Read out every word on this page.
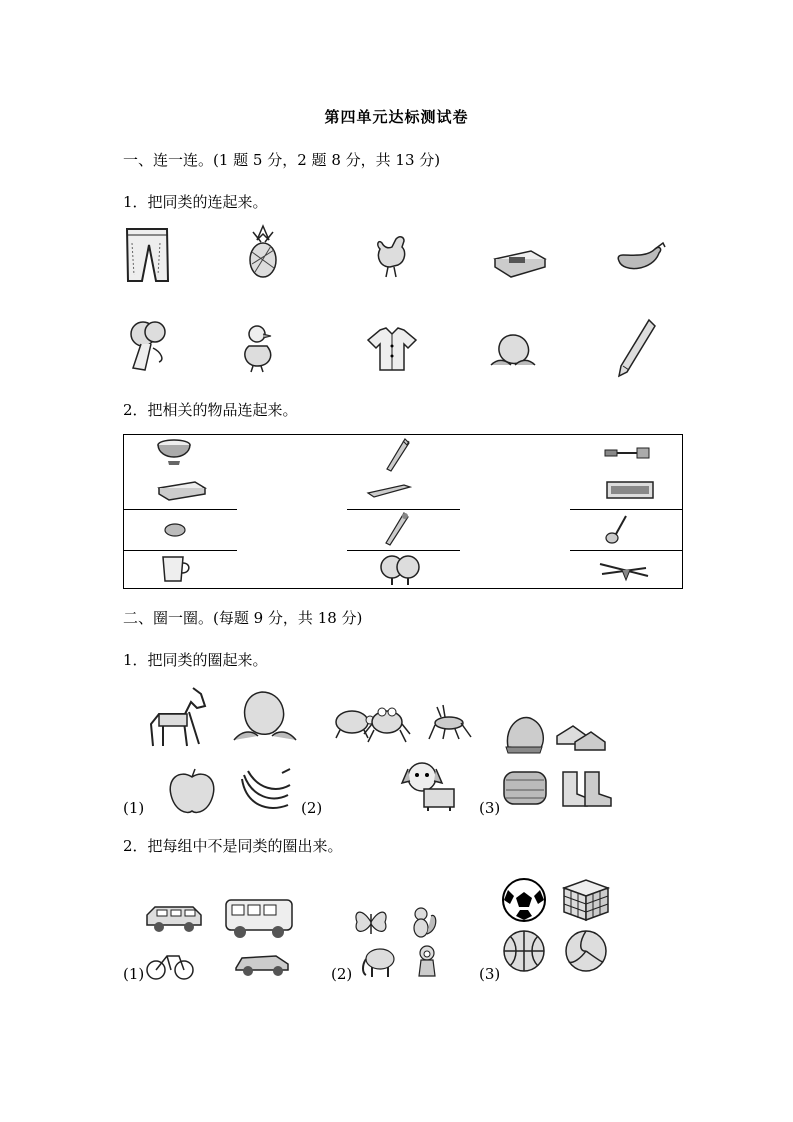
第四单元达标测试卷
一、连一连。(1 题 5 分，2 题 8 分，共 13 分)
1．把同类的连起来。
2．把相关的物品连起来。
二、圈一圈。(每题 9 分，共 18 分)
1．把同类的圈起来。
(1)	(2)	(3)
2．把每组中不是同类的圈出来。
(1)	(2)	(3)
